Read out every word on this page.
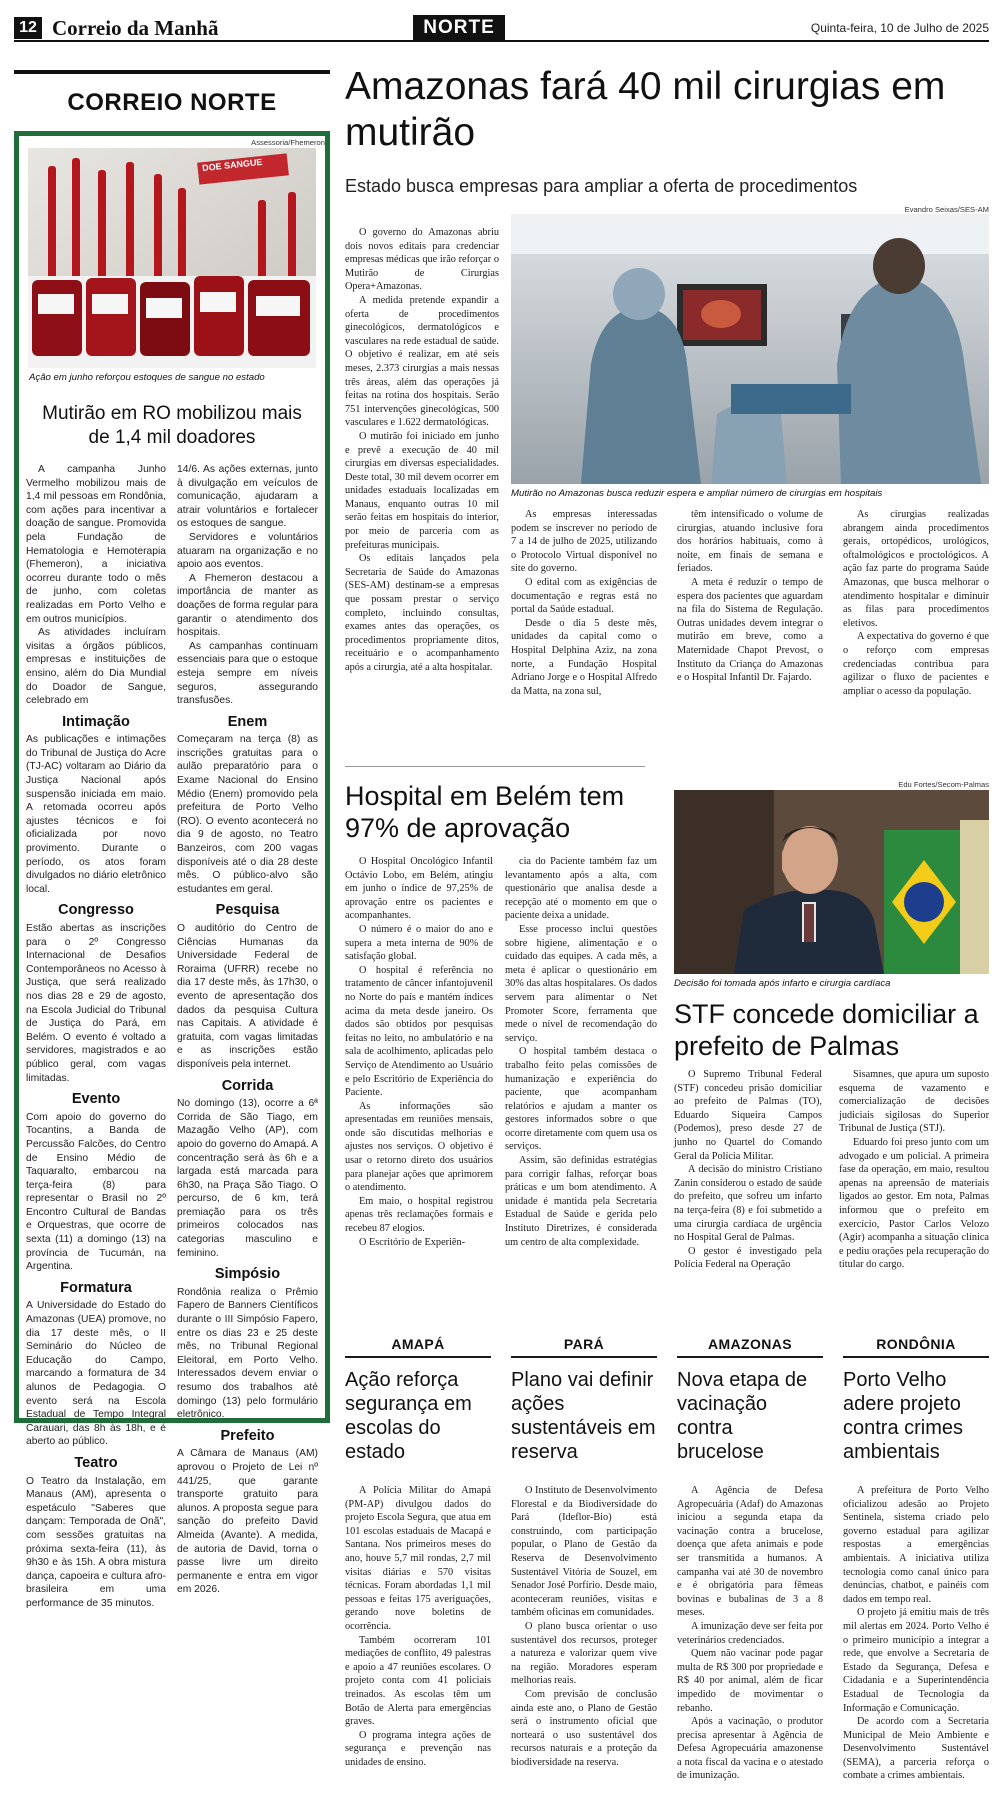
12 Correio da Manhã	NORTE	Quinta-feira, 10 de Julho de 2025
CORREIO NORTE
Assessoria/Fhemeron
DOE SANGUE
Ação em junho reforçou estoques de sangue no estado
Mutirão em RO mobilizou mais de 1,4 mil doadores

A campanha Junho Vermelho mobilizou mais de 1,4 mil pessoas em Rondônia, com ações para incentivar a doação de sangue. Promovida pela Fundação de Hematologia e Hemoterapia (Fhemeron), a iniciativa ocorreu durante todo o mês de junho, com coletas realizadas em Porto Velho e em outros municípios.

As atividades incluíram visitas a órgãos públicos, empresas e instituições de ensino, além do Dia Mundial do Doador de Sangue, celebrado em

Intimação

As publicações e intimações do Tribunal de Justiça do Acre (TJ-AC) voltaram ao Diário da Justiça Nacional após suspensão iniciada em maio. A retomada ocorreu após ajustes técnicos e foi oficializada por novo provimento. Durante o período, os atos foram divulgados no diário eletrônico local.

Congresso

Estão abertas as inscrições para o 2º Congresso Internacional de Desafios Contemporâneos no Acesso à Justiça, que será realizado nos dias 28 e 29 de agosto, na Escola Judicial do Tribunal de Justiça do Pará, em Belém. O evento é voltado a servidores, magistrados e ao público geral, com vagas limitadas.

Evento

Com apoio do governo do Tocantins, a Banda de Percussão Falcões, do Centro de Ensino Médio de Taquaralto, embarcou na terça-feira (8) para representar o Brasil no 2º Encontro Cultural de Bandas e Orquestras, que ocorre de sexta (11) a domingo (13) na província de Tucumán, na Argentina.

Formatura

A Universidade do Estado do Amazonas (UEA) promove, no dia 17 deste mês, o II Seminário do Núcleo de Educação do Campo, marcando a formatura de 34 alunos de Pedagogia. O evento será na Escola Estadual de Tempo Integral Carauari, das 8h às 18h, e é aberto ao público.

Teatro

O Teatro da Instalação, em Manaus (AM), apresenta o espetáculo "Saberes que dançam: Temporada de Onã", com sessões gratuitas na próxima sexta-feira (11), às 9h30 e às 15h. A obra mistura dança, capoeira e cultura afro-brasileira em uma performance de 35 minutos.

14/6. As ações externas, junto à divulgação em veículos de comunicação, ajudaram a atrair voluntários e fortalecer os estoques de sangue.

Servidores e voluntários atuaram na organização e no apoio aos eventos.

A Fhemeron destacou a importância de manter as doações de forma regular para garantir o atendimento dos hospitais.

As campanhas continuam essenciais para que o estoque esteja sempre em níveis seguros, assegurando transfusões.

Enem

Começaram na terça (8) as inscrições gratuitas para o aulão preparatório para o Exame Nacional do Ensino Médio (Enem) promovido pela prefeitura de Porto Velho (RO). O evento acontecerá no dia 9 de agosto, no Teatro Banzeiros, com 200 vagas disponíveis até o dia 28 deste mês. O público-alvo são estudantes em geral.

Pesquisa

O auditório do Centro de Ciências Humanas da Universidade Federal de Roraima (UFRR) recebe no dia 17 deste mês, às 17h30, o evento de apresentação dos dados da pesquisa Cultura nas Capitais. A atividade é gratuita, com vagas limitadas e as inscrições estão disponíveis pela internet.

Corrida

No domingo (13), ocorre a 6ª Corrida de São Tiago, em Mazagão Velho (AP), com apoio do governo do Amapá. A concentração será às 6h e a largada está marcada para 6h30, na Praça São Tiago. O percurso, de 6 km, terá premiação para os três primeiros colocados nas categorias masculino e feminino.

Simpósio

Rondônia realiza o Prêmio Fapero de Banners Científicos durante o III Simpósio Fapero, entre os dias 23 e 25 deste mês, no Tribunal Regional Eleitoral, em Porto Velho. Interessados devem enviar o resumo dos trabalhos até domingo (13) pelo formulário eletrônico.

Prefeito

A Câmara de Manaus (AM) aprovou o Projeto de Lei nº 441/25, que garante transporte gratuito para alunos. A proposta segue para sanção do prefeito David Almeida (Avante). A medida, de autoria de David, torna o passe livre um direito permanente e entra em vigor em 2026.

Amazonas fará 40 mil cirurgias em mutirão
Estado busca empresas para ampliar a oferta de procedimentos
Evandro Seixas/SES-AM
Mutirão no Amazonas busca reduzir espera e ampliar número de cirurgias em hospitais

O governo do Amazonas abriu dois novos editais para credenciar empresas médicas que irão reforçar o Mutirão de Cirurgias Opera+Amazonas.

A medida pretende expandir a oferta de procedimentos ginecológicos, dermatológicos e vasculares na rede estadual de saúde. O objetivo é realizar, em até seis meses, 2.373 cirurgias a mais nessas três áreas, além das operações já feitas na rotina dos hospitais. Serão 751 intervenções ginecológicas, 500 vasculares e 1.622 dermatológicas.

O mutirão foi iniciado em junho e prevê a execução de 40 mil cirurgias em diversas especialidades. Deste total, 30 mil devem ocorrer em unidades estaduais localizadas em Manaus, enquanto outras 10 mil serão feitas em hospitais do interior, por meio de parceria com as prefeituras municipais.

Os editais lançados pela Secretaria de Saúde do Amazonas (SES-AM) destinam-se a empresas que possam prestar o serviço completo, incluindo consultas, exames antes das operações, os procedimentos propriamente ditos, receituário e o acompanhamento após a cirurgia, até a alta hospitalar.

As empresas interessadas podem se inscrever no período de 7 a 14 de julho de 2025, utilizando o Protocolo Virtual disponível no site do governo.

O edital com as exigências de documentação e regras está no portal da Saúde estadual.

Desde o dia 5 deste mês, unidades da capital como o Hospital Delphina Aziz, na zona norte, a Fundação Hospital Adriano Jorge e o Hospital Alfredo da Matta, na zona sul,

têm intensificado o volume de cirurgias, atuando inclusive fora dos horários habituais, como à noite, em finais de semana e feriados.

A meta é reduzir o tempo de espera dos pacientes que aguardam na fila do Sistema de Regulação. Outras unidades devem integrar o mutirão em breve, como a Maternidade Chapot Prevost, o Instituto da Criança do Amazonas e o Hospital Infantil Dr. Fajardo.

As cirurgias realizadas abrangem ainda procedimentos gerais, ortopédicos, urológicos, oftalmológicos e proctológicos. A ação faz parte do programa Saúde Amazonas, que busca melhorar o atendimento hospitalar e diminuir as filas para procedimentos eletivos.

A expectativa do governo é que o reforço com empresas credenciadas contribua para agilizar o fluxo de pacientes e ampliar o acesso da população.

Hospital em Belém tem 97% de aprovação

O Hospital Oncológico Infantil Octávio Lobo, em Belém, atingiu em junho o índice de 97,25% de aprovação entre os pacientes e acompanhantes.

O número é o maior do ano e supera a meta interna de 90% de satisfação global.

O hospital é referência no tratamento de câncer infantojuvenil no Norte do país e mantém índices acima da meta desde janeiro. Os dados são obtidos por pesquisas feitas no leito, no ambulatório e na sala de acolhimento, aplicadas pelo Serviço de Atendimento ao Usuário e pelo Escritório de Experiência do Paciente.

As informações são apresentadas em reuniões mensais, onde são discutidas melhorias e ajustes nos serviços. O objetivo é usar o retorno direto dos usuários para planejar ações que aprimorem o atendimento.

Em maio, o hospital registrou apenas três reclamações formais e recebeu 87 elogios.

O Escritório de Experiên-

cia do Paciente também faz um levantamento após a alta, com questionário que analisa desde a recepção até o momento em que o paciente deixa a unidade.

Esse processo inclui questões sobre higiene, alimentação e o cuidado das equipes. A cada mês, a meta é aplicar o questionário em 30% das altas hospitalares. Os dados servem para alimentar o Net Promoter Score, ferramenta que mede o nível de recomendação do serviço.

O hospital também destaca o trabalho feito pelas comissões de humanização e experiência do paciente, que acompanham relatórios e ajudam a manter os gestores informados sobre o que ocorre diretamente com quem usa os serviços.

Assim, são definidas estratégias para corrigir falhas, reforçar boas práticas e um bom atendimento. A unidade é mantida pela Secretaria Estadual de Saúde e gerida pelo Instituto Diretrizes, é considerada um centro de alta complexidade.

Edu Fortes/Secom-Palmas
Decisão foi tomada após infarto e cirurgia cardíaca
STF concede domiciliar a prefeito de Palmas

O Supremo Tribunal Federal (STF) concedeu prisão domiciliar ao prefeito de Palmas (TO), Eduardo Siqueira Campos (Podemos), preso desde 27 de junho no Quartel do Comando Geral da Polícia Militar.

A decisão do ministro Cristiano Zanin considerou o estado de saúde do prefeito, que sofreu um infarto na terça-feira (8) e foi submetido a uma cirurgia cardíaca de urgência no Hospital Geral de Palmas.

O gestor é investigado pela Polícia Federal na Operação

Sisamnes, que apura um suposto esquema de vazamento e comercialização de decisões judiciais sigilosas do Superior Tribunal de Justiça (STJ).

Eduardo foi preso junto com um advogado e um policial. A primeira fase da operação, em maio, resultou apenas na apreensão de materiais ligados ao gestor. Em nota, Palmas informou que o prefeito em exercício, Pastor Carlos Velozo (Agir) acompanha a situação clínica e pediu orações pela recuperação do titular do cargo.

AMAPÁ
Ação reforça segurança em escolas do estado

A Polícia Militar do Amapá (PM-AP) divulgou dados do projeto Escola Segura, que atua em 101 escolas estaduais de Macapá e Santana. Nos primeiros meses do ano, houve 5,7 mil rondas, 2,7 mil visitas diárias e 570 visitas técnicas. Foram abordadas 1,1 mil pessoas e feitas 175 averiguações, gerando nove boletins de ocorrência.

Também ocorreram 101 mediações de conflito, 49 palestras e apoio a 47 reuniões escolares. O projeto conta com 41 policiais treinados. As escolas têm um Botão de Alerta para emergências graves.

O programa integra ações de segurança e prevenção nas unidades de ensino.

PARÁ
Plano vai definir ações sustentáveis em reserva

O Instituto de Desenvolvimento Florestal e da Biodiversidade do Pará (Ideflor-Bio) está construindo, com participação popular, o Plano de Gestão da Reserva de Desenvolvimento Sustentável Vitória de Souzel, em Senador José Porfírio. Desde maio, aconteceram reuniões, visitas e também oficinas em comunidades.

O plano busca orientar o uso sustentável dos recursos, proteger a natureza e valorizar quem vive na região. Moradores esperam melhorias reais.

Com previsão de conclusão ainda este ano, o Plano de Gestão será o instrumento oficial que norteará o uso sustentável dos recursos naturais e a proteção da biodiversidade na reserva.

AMAZONAS
Nova etapa de vacinação contra brucelose

A Agência de Defesa Agropecuária (Adaf) do Amazonas iniciou a segunda etapa da vacinação contra a brucelose, doença que afeta animais e pode ser transmitida a humanos. A campanha vai até 30 de novembro e é obrigatória para fêmeas bovinas e bubalinas de 3 a 8 meses.

A imunização deve ser feita por veterinários credenciados.

Quem não vacinar pode pagar multa de R$ 300 por propriedade e R$ 40 por animal, além de ficar impedido de movimentar o rebanho.

Após a vacinação, o produtor precisa apresentar à Agência de Defesa Agropecuária amazonense a nota fiscal da vacina e o atestado de imunização.

RONDÔNIA
Porto Velho adere projeto contra crimes ambientais

A prefeitura de Porto Velho oficializou adesão ao Projeto Sentinela, sistema criado pelo governo estadual para agilizar respostas a emergências ambientais. A iniciativa utiliza tecnologia como canal único para denúncias, chatbot, e painéis com dados em tempo real.

O projeto já emitiu mais de três mil alertas em 2024. Porto Velho é o primeiro município a integrar a rede, que envolve a Secretaria de Estado da Segurança, Defesa e Cidadania e a Superintendência Estadual de Tecnologia da Informação e Comunicação.

De acordo com a Secretaria Municipal de Meio Ambiente e Desenvolvimento Sustentável (SEMA), a parceria reforça o combate a crimes ambientais.
